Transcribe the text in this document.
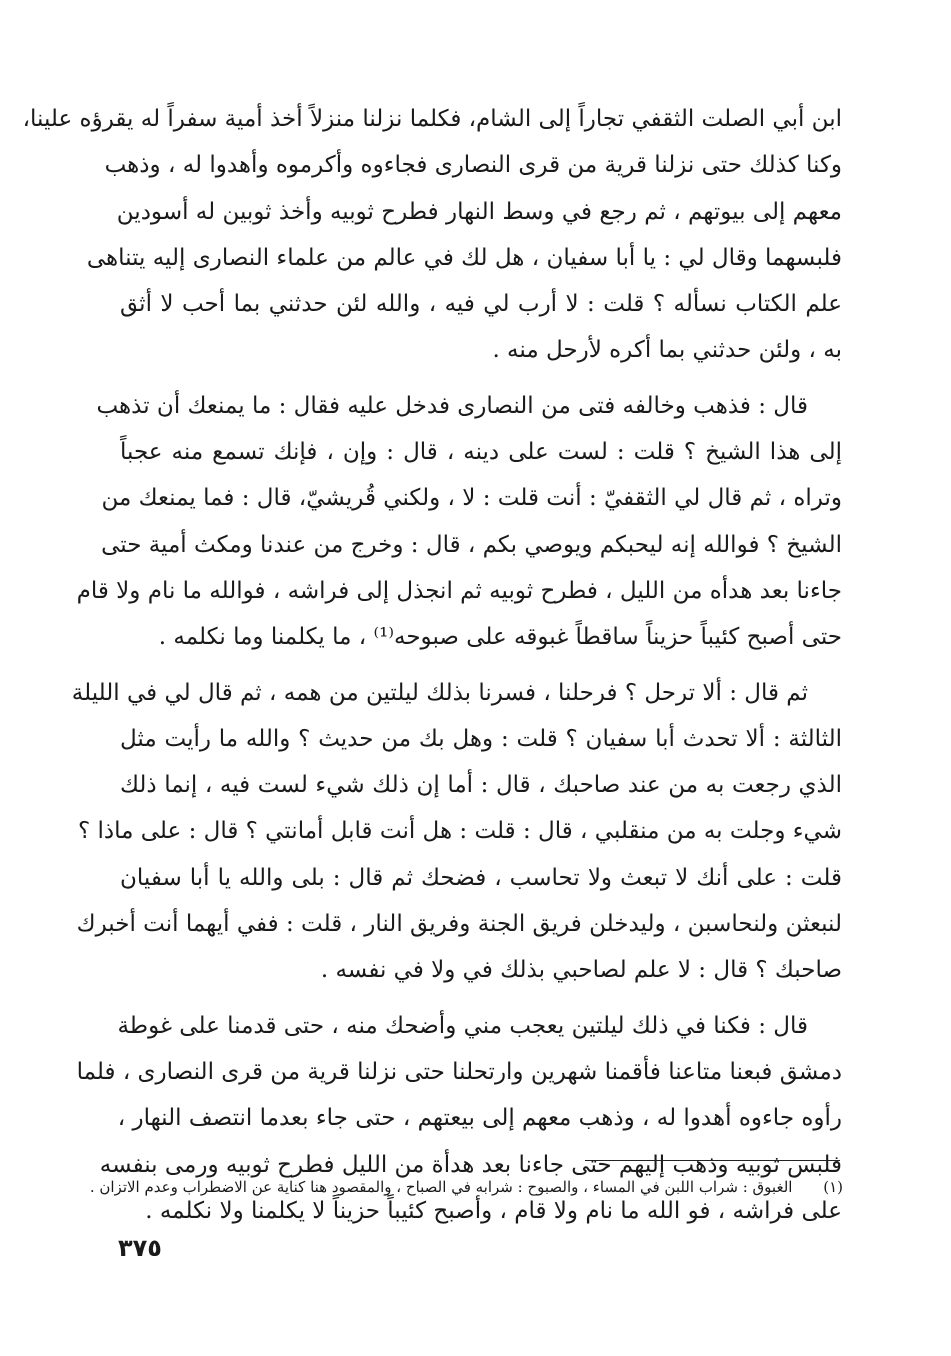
ابن أبي الصلت الثقفي تجاراً إلى الشام، فكلما نزلنا منزلاً أخذ أمية سفراً له يقرؤه علينا،
وكنا كذلك حتى نزلنا قرية من قرى النصارى فجاءوه وأكرموه وأهدوا له ، وذهب
معهم إلى بيوتهم ، ثم رجع في وسط النهار فطرح ثوبيه وأخذ ثوبين له أسودين
فلبسهما وقال لي : يا أبا سفيان ، هل لك في عالم من علماء النصارى إليه يتناهى
علم الكتاب نسأله ؟ قلت : لا أرب لي فيه ، والله لئن حدثني بما أحب لا أثق
به ، ولئن حدثني بما أكره لأرحل منه .

قال : فذهب وخالفه فتى من النصارى فدخل عليه فقال : ما يمنعك أن تذهب
إلى هذا الشيخ ؟ قلت : لست على دينه ، قال : وإن ، فإنك تسمع منه عجباً
وتراه ، ثم قال لي الثقفيّ : أنت قلت : لا ، ولكني قُريشيّ، قال : فما يمنعك من
الشيخ ؟ فوالله إنه ليحبكم ويوصي بكم ، قال : وخرج من عندنا ومكث أمية حتى
جاءنا بعد هدأه من الليل ، فطرح ثوبيه ثم انجذل إلى فراشه ، فوالله ما نام ولا قام
حتى أصبح كئيباً حزيناً ساقطاً غبوقه على صبوحه⁽¹⁾ ، ما يكلمنا وما نكلمه .

ثم قال : ألا ترحل ؟ فرحلنا ، فسرنا بذلك ليلتين من همه ، ثم قال لي في الليلة
الثالثة : ألا تحدث أبا سفيان ؟ قلت : وهل بك من حديث ؟ والله ما رأيت مثل
الذي رجعت به من عند صاحبك ، قال : أما إن ذلك شيء لست فيه ، إنما ذلك
شيء وجلت به من منقلبي ، قال : قلت : هل أنت قابل أمانتي ؟ قال : على ماذا ؟
قلت : على أنك لا تبعث ولا تحاسب ، فضحك ثم قال : بلى والله يا أبا سفيان
لنبعثن ولنحاسبن ، وليدخلن فريق الجنة وفريق النار ، قلت : ففي أيهما أنت أخبرك
صاحبك ؟ قال : لا علم لصاحبي بذلك في ولا في نفسه .

قال : فكنا في ذلك ليلتين يعجب مني وأضحك منه ، حتى قدمنا على غوطة
دمشق فبعنا متاعنا فأقمنا شهرين وارتحلنا حتى نزلنا قرية من قرى النصارى ، فلما
رأوه جاءوه أهدوا له ، وذهب معهم إلى بيعتهم ، حتى جاء بعدما انتصف النهار ،
فلبس ثوبيه وذهب إليهم حتى جاءنا بعد هدأة من الليل فطرح ثوبيه ورمى بنفسه
على فراشه ، فو الله ما نام ولا قام ، وأصبح كئيباً حزيناً لا يكلمنا ولا نكلمه .

(١) الغبوق : شراب اللبن في المساء ، والصبوح : شرابه في الصباح ، والمقصود هنا كناية عن الاضطراب وعدم الاتزان .
٣٧٥
